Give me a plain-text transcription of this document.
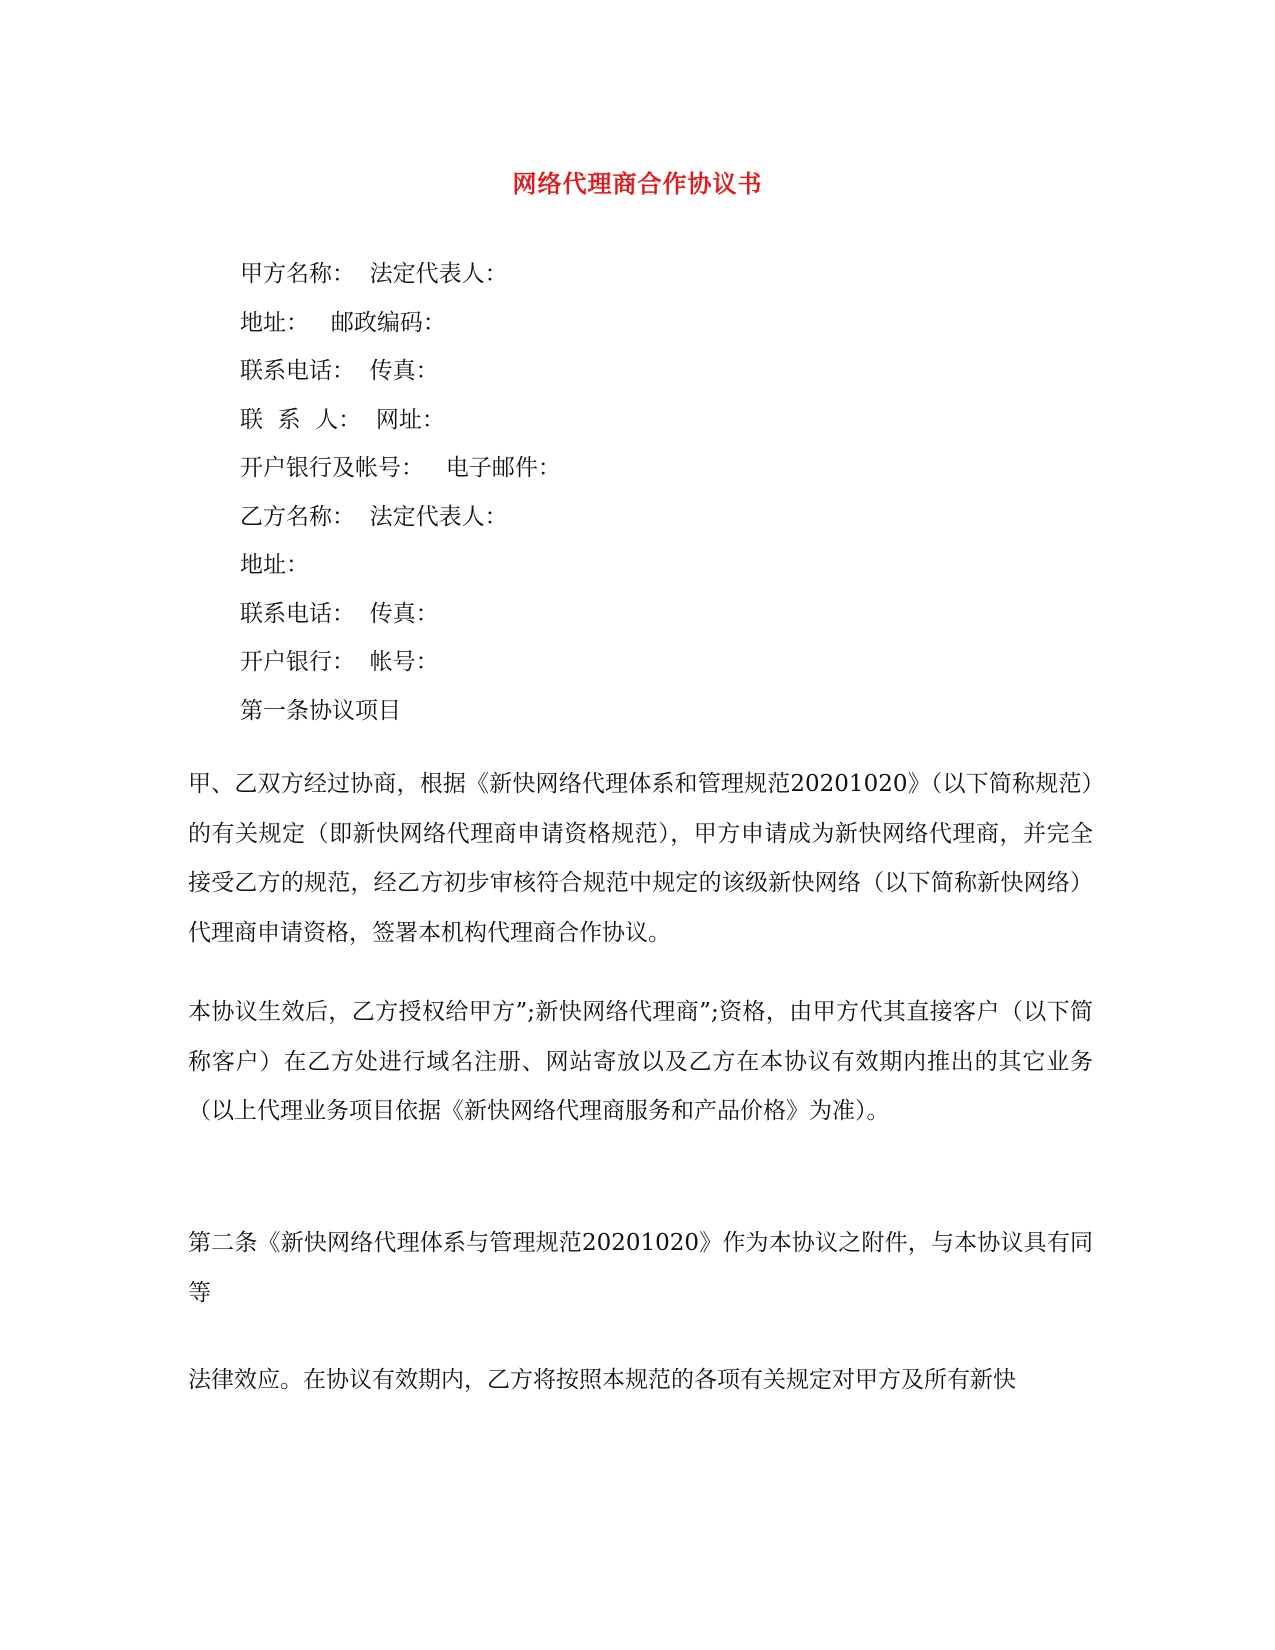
网络代理商合作协议书
甲方名称：  法定代表人：
地址：   邮政编码：
联系电话：  传真：
联  系  人：  网址：
开户银行及帐号：   电子邮件：
乙方名称：  法定代表人：
地址：
联系电话：  传真：
开户银行：  帐号：
第一条协议项目

甲、乙双方经过协商，根据《新快网络代理体系和管理规范20201020》（以下简称规范）的有关规定（即新快网络代理商申请资格规范），甲方申请成为新快网络代理商，并完全接受乙方的规范，经乙方初步审核符合规范中规定的该级新快网络（以下简称新快网络）代理商申请资格，签署本机构代理商合作协议。

本协议生效后，乙方授权给甲方”;新快网络代理商”;资格，由甲方代其直接客户（以下简称客户）在乙方处进行域名注册、网站寄放以及乙方在本协议有效期内推出的其它业务（以上代理业务项目依据《新快网络代理商服务和产品价格》为准）。

第二条《新快网络代理体系与管理规范20201020》作为本协议之附件，与本协议具有同等

法律效应。在协议有效期内，乙方将按照本规范的各项有关规定对甲方及所有新快
